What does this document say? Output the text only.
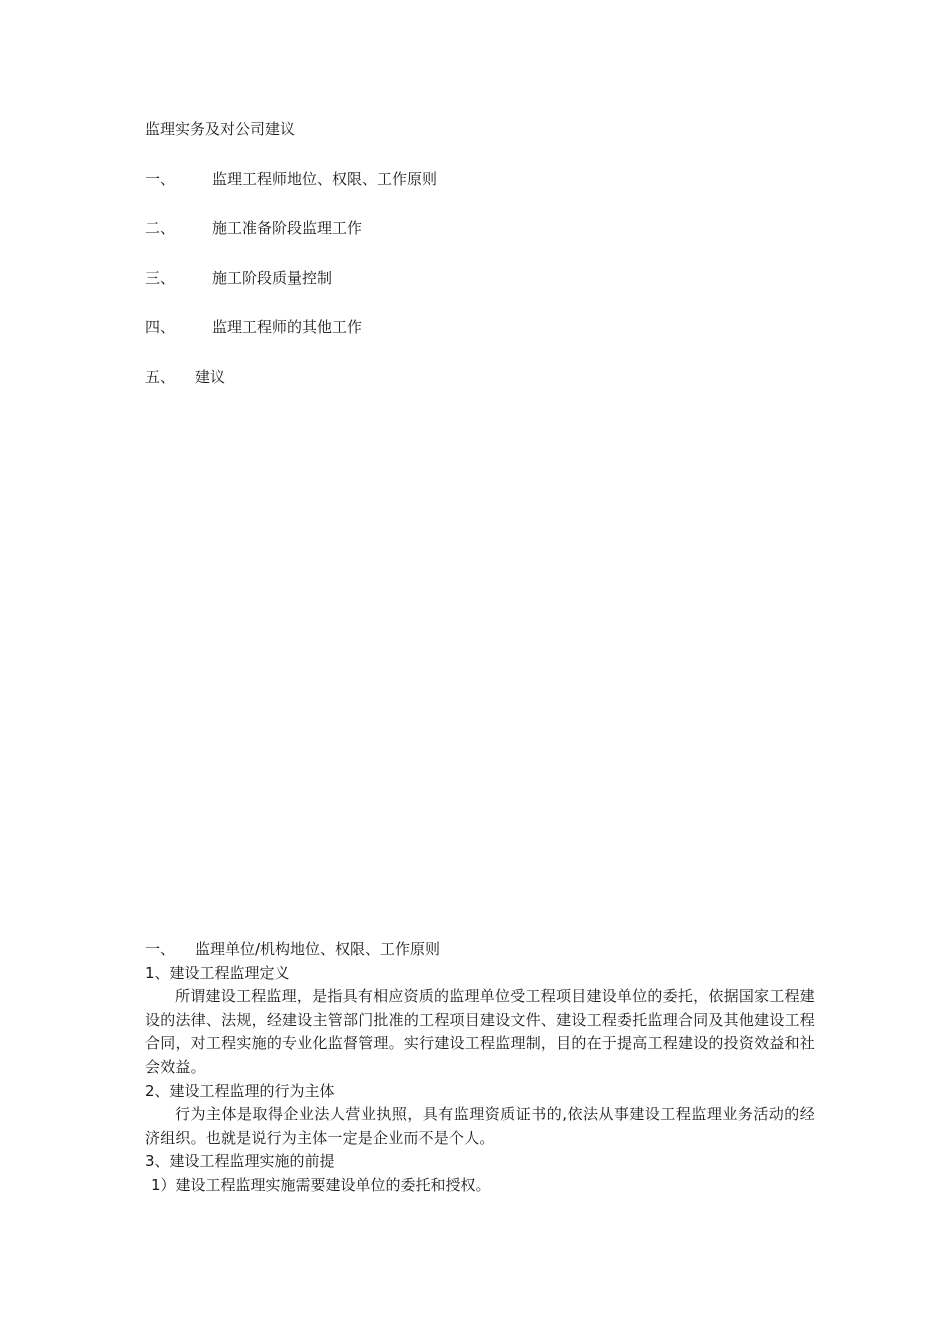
监理实务及对公司建议
一、 监理工程师地位、权限、工作原则
二、 施工准备阶段监理工作
三、 施工阶段质量控制
四、 监理工程师的其他工作
五、 建议
一、 监理单位/机构地位、权限、工作原则
1、建设工程监理定义

所谓建设工程监理，是指具有相应资质的监理单位受工程项目建设单位的委托，依据国家工程建设的法律、法规，经建设主管部门批准的工程项目建设文件、建设工程委托监理合同及其他建设工程合同，对工程实施的专业化监督管理。实行建设工程监理制，目的在于提高工程建设的投资效益和社会效益。

2、建设工程监理的行为主体

行为主体是取得企业法人营业执照，具有监理资质证书的,依法从事建设工程监理业务活动的经济组织。也就是说行为主体一定是企业而不是个人。

3、建设工程监理实施的前提
1）建设工程监理实施需要建设单位的委托和授权。
